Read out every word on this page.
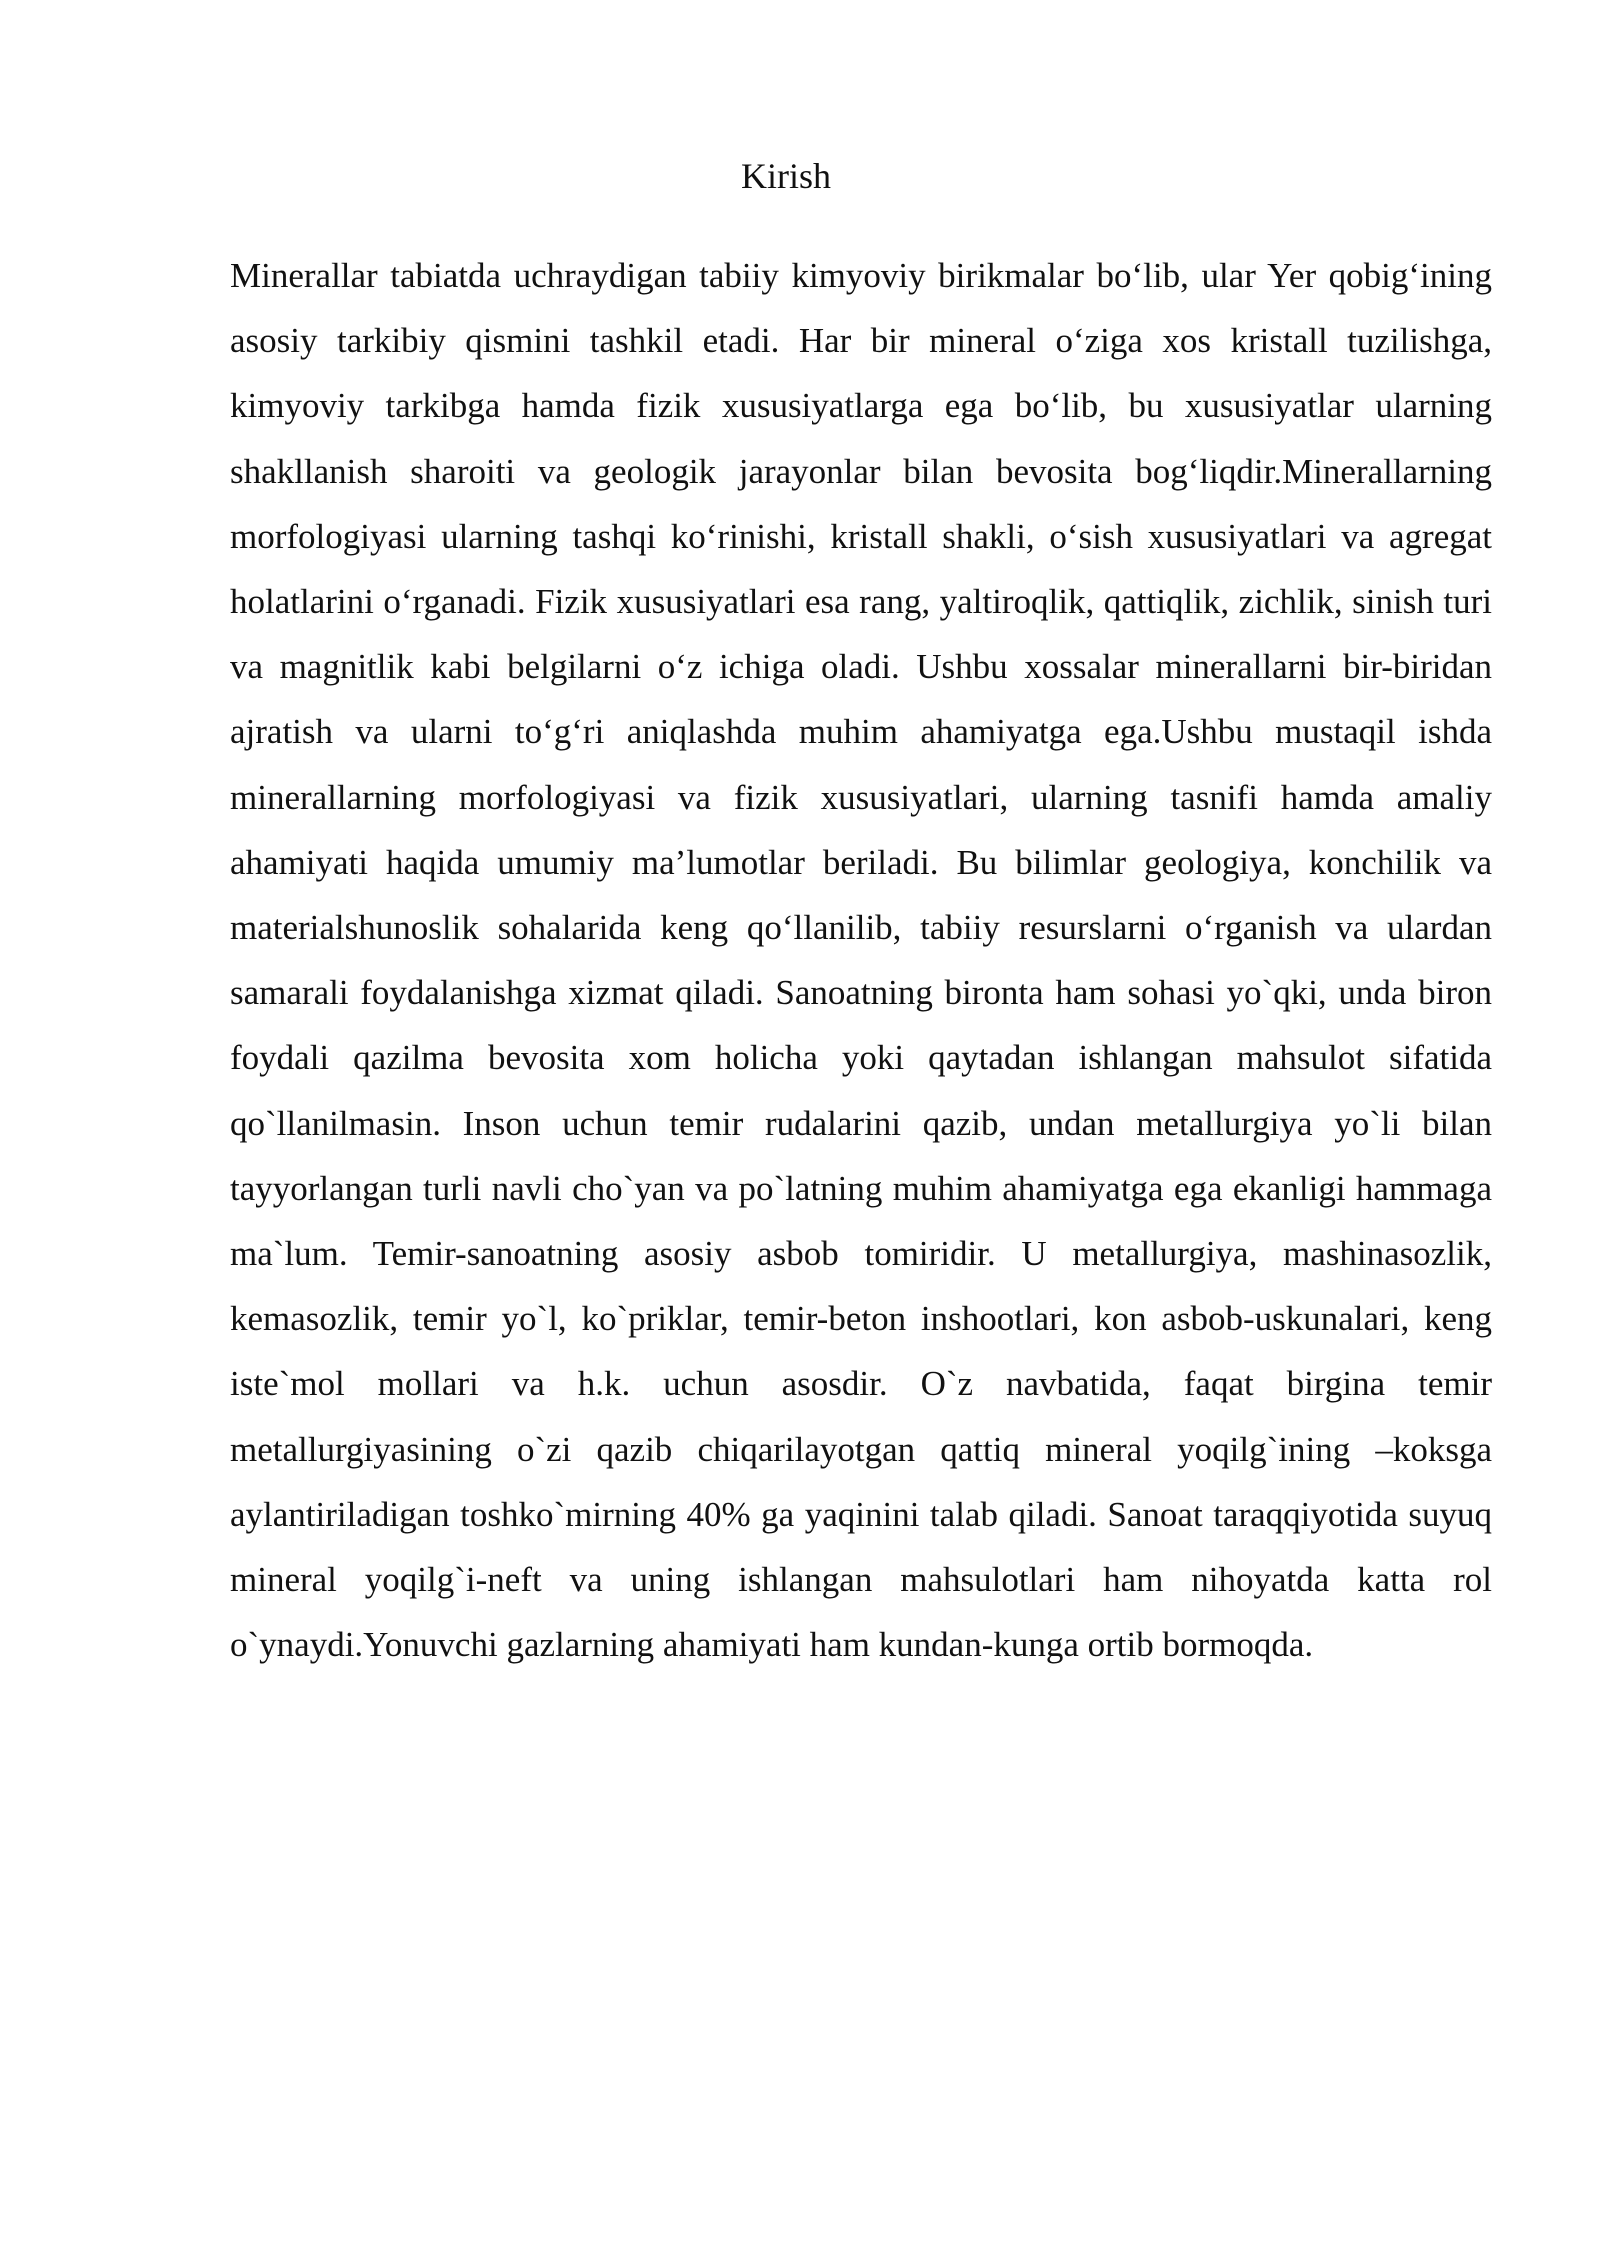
Kirish

Minerallar tabiatda uchraydigan tabiiy kimyoviy birikmalar bo‘lib, ular Yer qobig‘ining asosiy tarkibiy qismini tashkil etadi. Har bir mineral o‘ziga xos kristall tuzilishga, kimyoviy tarkibga hamda fizik xususiyatlarga ega bo‘lib, bu xususiyatlar ularning shakllanish sharoiti va geologik jarayonlar bilan bevosita bog‘liqdir.Minerallarning morfologiyasi ularning tashqi ko‘rinishi, kristall shakli, o‘sish xususiyatlari va agregat holatlarini o‘rganadi. Fizik xususiyatlari esa rang, yaltiroqlik, qattiqlik, zichlik, sinish turi va magnitlik kabi belgilarni o‘z ichiga oladi. Ushbu xossalar minerallarni bir-biridan ajratish va ularni to‘g‘ri aniqlashda muhim ahamiyatga ega.Ushbu mustaqil ishda minerallarning morfologiyasi va fizik xususiyatlari, ularning tasnifi hamda amaliy ahamiyati haqida umumiy ma’lumotlar beriladi. Bu bilimlar geologiya, konchilik va materialshunoslik sohalarida keng qo‘llanilib, tabiiy resurslarni o‘rganish va ulardan samarali foydalanishga xizmat qiladi. Sanoatning bironta ham sohasi yo`qki, unda biron foydali qazilma bevosita xom holicha yoki qaytadan ishlangan mahsulot sifatida qo`llanilmasin. Inson uchun temir rudalarini qazib, undan metallurgiya yo`li bilan tayyorlangan turli navli cho`yan va po`latning muhim ahamiyatga ega ekanligi hammaga ma`lum. Temir-sanoatning asosiy asbob tomiridir. U metallurgiya, mashinasozlik, kemasozlik, temir yo`l, ko`priklar, temir-beton inshootlari, kon asbob-uskunalari, keng iste`mol mollari va h.k. uchun asosdir. O`z navbatida, faqat birgina temir metallurgiyasining o`zi qazib chiqarilayotgan qattiq mineral yoqilg`ining –koksga aylantiriladigan toshko`mirning 40% ga yaqinini talab qiladi. Sanoat taraqqiyotida suyuq mineral yoqilg`i-neft va uning ishlangan mahsulotlari ham nihoyatda katta rol o`ynaydi.Yonuvchi gazlarning ahamiyati ham kundan-kunga ortib bormoqda.
